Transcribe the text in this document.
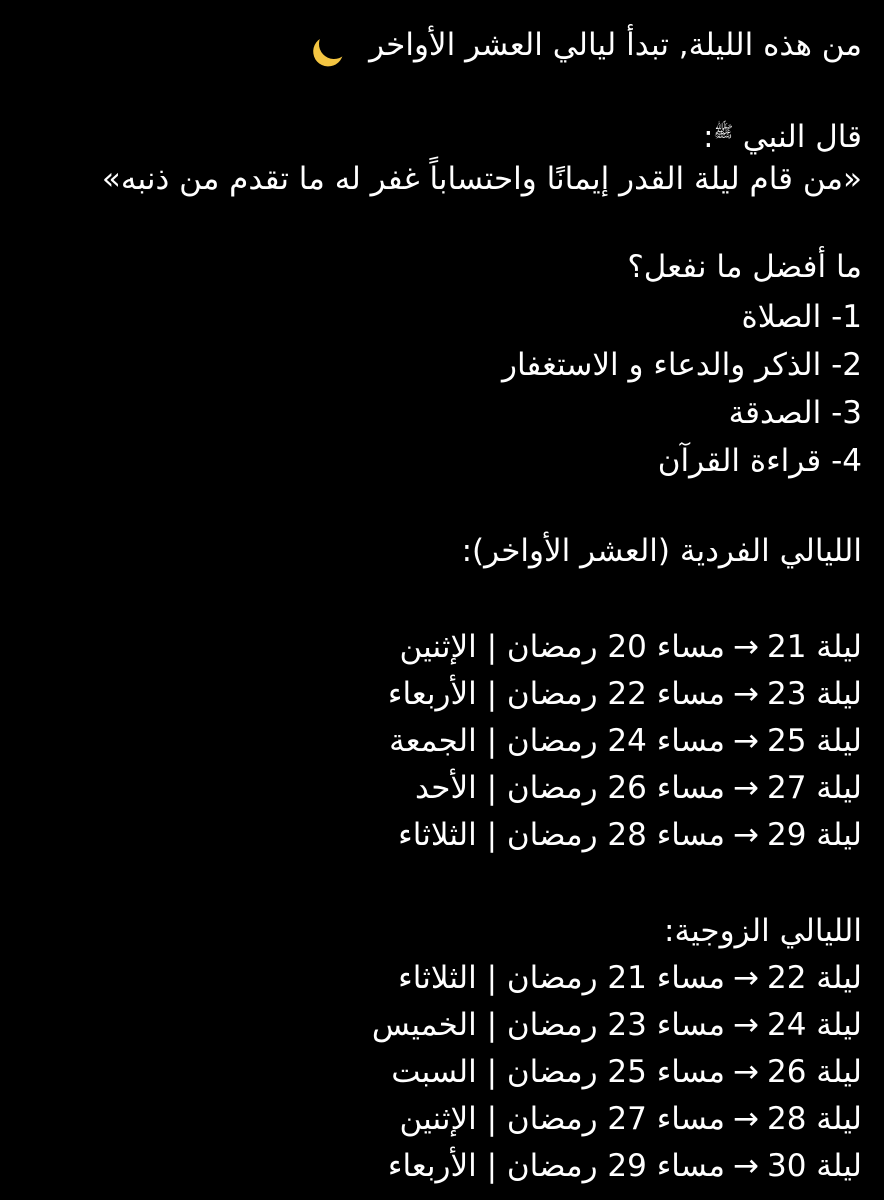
من هذه الليلة, تبدأ ليالي العشر الأواخر
قال النبي $^ﷺ$:
«من قام ليلة القدر إيمانًا واحتساباً غفر له ما تقدم من ذنبه»
ما أفضل ما نفعل؟
1- الصلاة
2- الذكر والدعاء و الاستغفار
3- الصدقة
4- قراءة القرآن
الليالي الفردية (العشر الأواخر):
ليلة 21→مساء 20 رمضان | الإثنين
ليلة 23→مساء 22 رمضان | الأربعاء
ليلة 25→مساء 24 رمضان | الجمعة
ليلة 27→مساء 26 رمضان | الأحد
ليلة 29→مساء 28 رمضان | الثلاثاء
الليالي الزوجية:
ليلة 22→مساء 21 رمضان | الثلاثاء
ليلة 24→مساء 23 رمضان | الخميس
ليلة 26→مساء 25 رمضان | السبت
ليلة 28→مساء 27 رمضان | الإثنين
ليلة 30→مساء 29 رمضان | الأربعاء
